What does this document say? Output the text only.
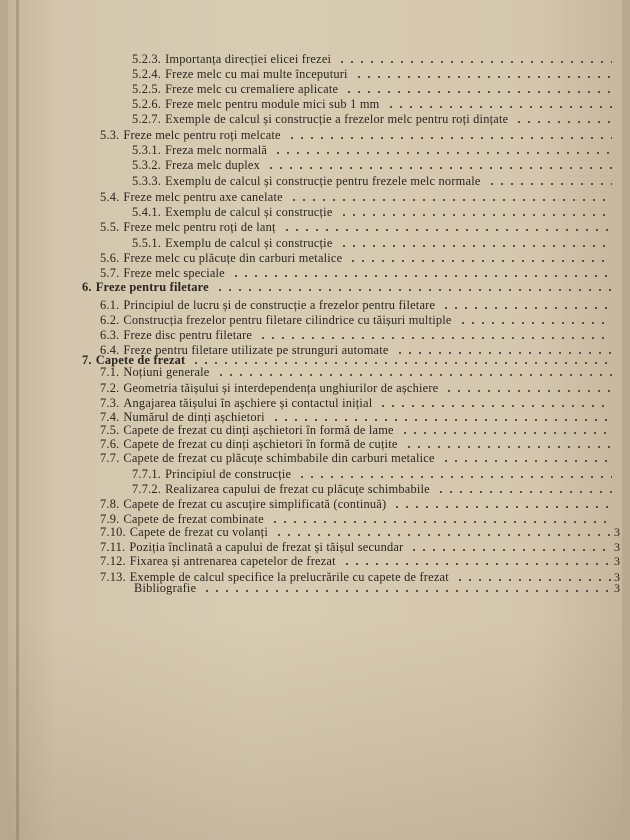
5.2.3. Importanța direcției elicei frezei
5.2.4. Freze melc cu mai multe începuturi
5.2.5. Freze melc cu cremaliere aplicate
5.2.6. Freze melc pentru module mici sub 1 mm
5.2.7. Exemple de calcul și construcție a frezelor melc pentru roți dințate
5.3. Freze melc pentru roți melcate
5.3.1. Freza melc normală
5.3.2. Freza melc duplex
5.3.3. Exemplu de calcul și construcție pentru frezele melc normale
5.4. Freze melc pentru axe canelate
5.4.1. Exemplu de calcul și construcție
5.5. Freze melc pentru roți de lanț
5.5.1. Exemplu de calcul și construcție
5.6. Freze melc cu plăcuțe din carburi metalice
5.7. Freze melc speciale
6. Freze pentru filetare
6.1. Principiul de lucru și de construcție a frezelor pentru filetare
6.2. Construcția frezelor pentru filetare cilindrice cu tăișuri multiple
6.3. Freze disc pentru filetare
6.4. Freze pentru filetare utilizate pe strunguri automate
7. Capete de frezat
7.1. Noțiuni generale
7.2. Geometria tăișului și interdependența unghiurilor de așchiere
7.3. Angajarea tăișului în așchiere și contactul inițial
7.4. Numărul de dinți așchietori
7.5. Capete de frezat cu dinți așchietori în formă de lame
7.6. Capete de frezat cu dinți așchietori în formă de cuțite
7.7. Capete de frezat cu plăcuțe schimbabile din carburi metalice
7.7.1. Principiul de construcție
7.7.2. Realizarea capului de frezat cu plăcuțe schimbabile
7.8. Capete de frezat cu ascuțire simplificată (continuă)
7.9. Capete de frezat combinate
7.10. Capete de frezat cu volanți	3
7.11. Poziția înclinată a capului de frezat și tăișul secundar	3
7.12. Fixarea și antrenarea capetelor de frezat	3
7.13. Exemple de calcul specifice la prelucrările cu capete de frezat	3
Bibliografie	3
